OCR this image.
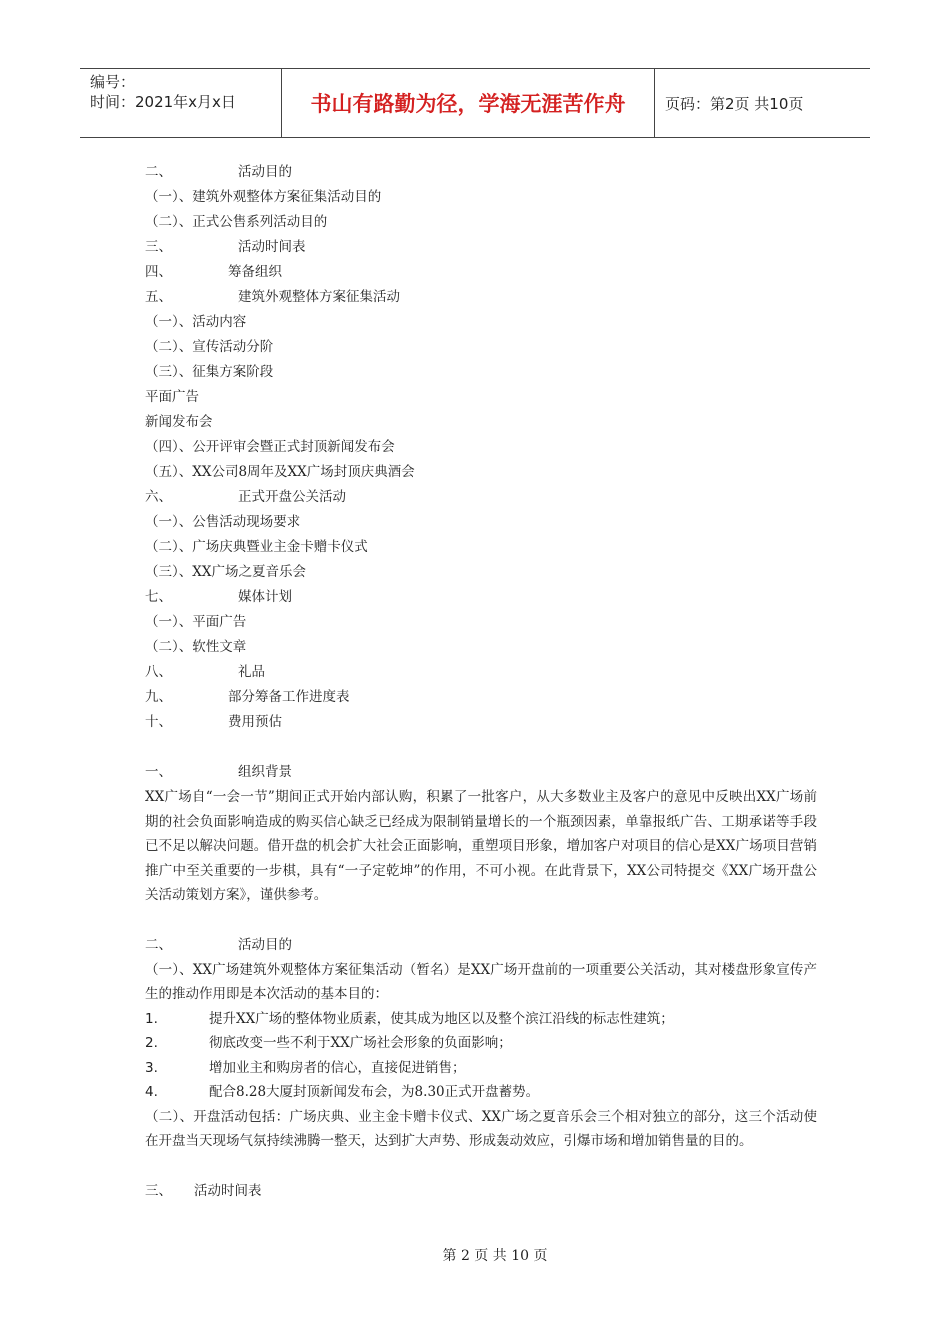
编号：
时间：2021年x月x日	书山有路勤为径，学海无涯苦作舟	页码：第2页 共10页
二、	活动目的
（一）、建筑外观整体方案征集活动目的
（二）、正式公售系列活动目的
三、	活动时间表
四、	筹备组织
五、	建筑外观整体方案征集活动
（一）、活动内容
（二）、宣传活动分阶
（三）、征集方案阶段
平面广告
新闻发布会
（四）、公开评审会暨正式封顶新闻发布会
（五）、XX公司8周年及XX广场封顶庆典酒会
六、	正式开盘公关活动
（一）、公售活动现场要求
（二）、广场庆典暨业主金卡赠卡仪式
（三）、XX广场之夏音乐会
七、	媒体计划
（一）、平面广告
（二）、软性文章
八、	礼品
九、	部分筹备工作进度表
十、	费用预估
一、	组织背景
XX广场自“一会一节”期间正式开始内部认购，积累了一批客户，从大多数业主及客户的意见中反映出XX广场前期的社会负面影响造成的购买信心缺乏已经成为限制销量增长的一个瓶颈因素，单靠报纸广告、工期承诺等手段已不足以解决问题。借开盘的机会扩大社会正面影响，重塑项目形象，增加客户对项目的信心是XX广场项目营销推广中至关重要的一步棋，具有“一子定乾坤”的作用，不可小视。在此背景下，XX公司特提交《XX广场开盘公关活动策划方案》，谨供参考。
二、	活动目的
（一）、XX广场建筑外观整体方案征集活动（暂名）是XX广场开盘前的一项重要公关活动，其对楼盘形象宣传产生的推动作用即是本次活动的基本目的：
1.	提升XX广场的整体物业质素，使其成为地区以及整个滨江沿线的标志性建筑；
2.	彻底改变一些不利于XX广场社会形象的负面影响；
3.	增加业主和购房者的信心，直接促进销售；
4.	配合8.28大厦封顶新闻发布会，为8.30正式开盘蓄势。
（二）、开盘活动包括：广场庆典、业主金卡赠卡仪式、XX广场之夏音乐会三个相对独立的部分，这三个活动使在开盘当天现场气氛持续沸腾一整天，达到扩大声势、形成轰动效应，引爆市场和增加销售量的目的。
三、 活动时间表
第 2 页 共 10 页
